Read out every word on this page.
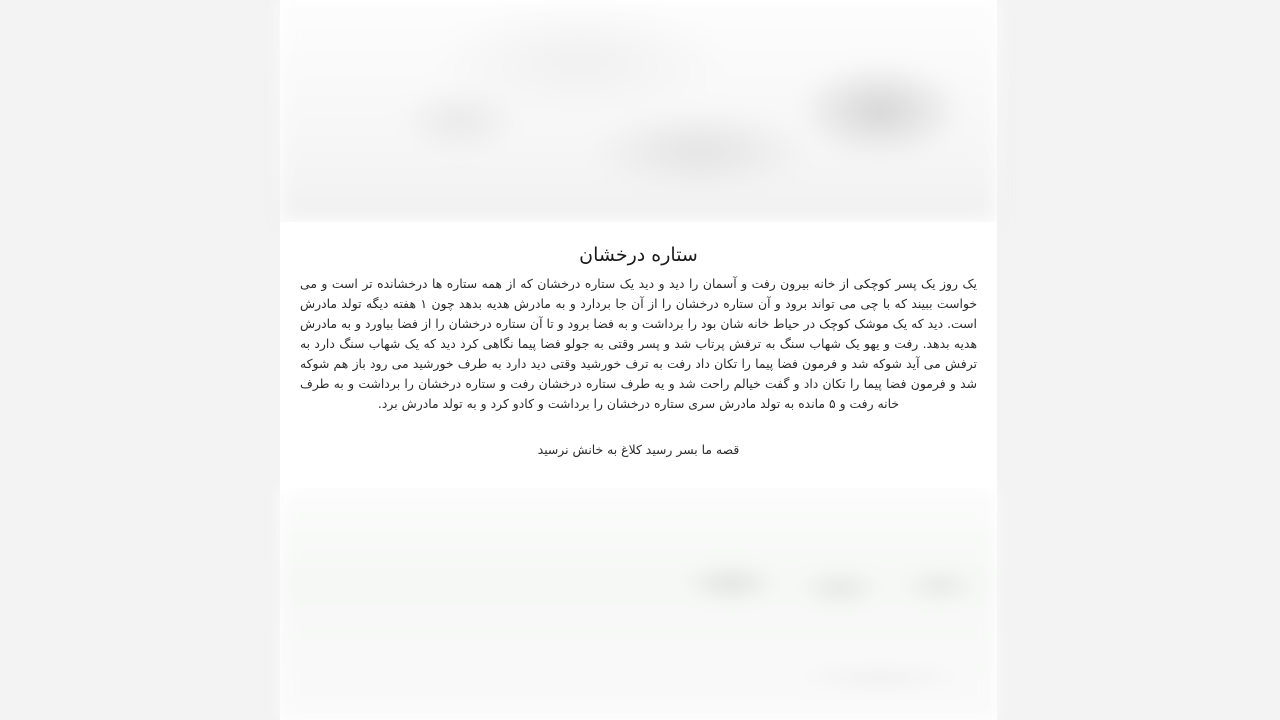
ستاره درخشان

یک روز یک پسر کوچکی از خانه بیرون رفت و آسمان را دید و دید یک ستاره درخشان که از همه ستاره ها درخشانده تر است و می خواست ببیند که با چی می تواند برود و آن ستاره درخشان را از آن جا بردارد و به مادرش هدیه بدهد چون ۱ هفته دیگه تولد مادرش است. دید که یک موشک کوچک در حیاط خانه شان بود را برداشت و به فضا برود و تا آن ستاره درخشان را از فضا بیاورد و به مادرش هدیه بدهد. رفت و یهو یک شهاب سنگ به ترفش پرتاب شد و پسر وقتی به جولو فضا پیما نگاهی کرد دید که یک شهاب سنگ دارد به ترفش می آید شوکه شد و فرمون فضا پیما را تکان داد رفت به ترف خورشید وقتی دید دارد به طرف خورشید می رود باز هم شوکه شد و فرمون فضا پیما را تکان داد و گفت خیالم راحت شد و یه طرف ستاره درخشان رفت و ستاره درخشان را برداشت و به طرف خانه رفت و ۵ مانده به تولد مادرش سری ستاره درخشان را برداشت و کادو کرد و به تولد مادرش برد.

قصه ما بسر رسید کلاغ به خانش نرسید
